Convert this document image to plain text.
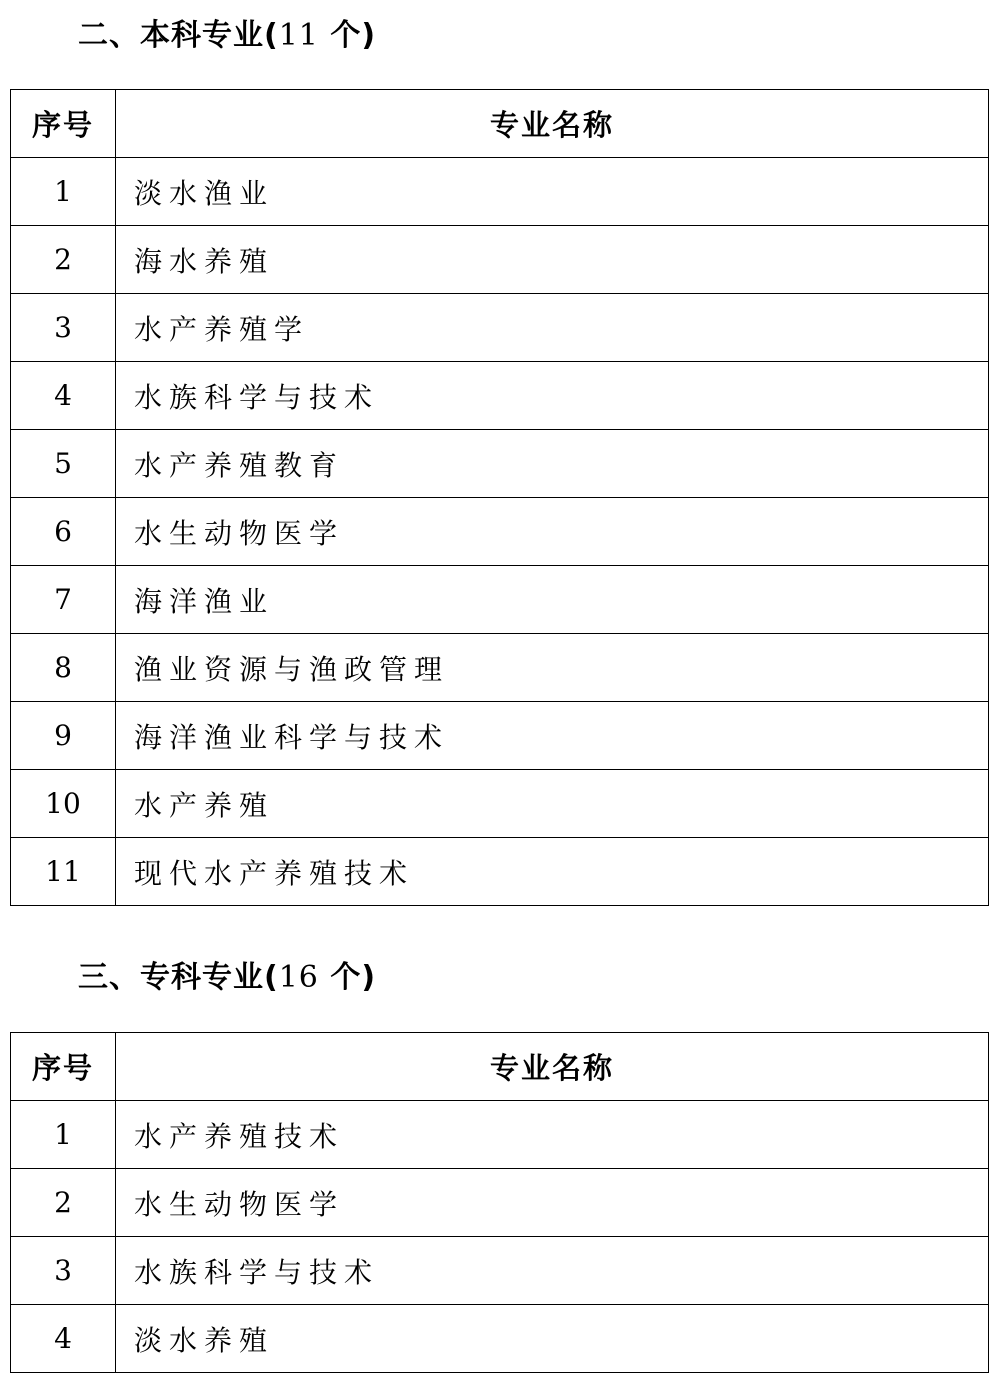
二、本科专业(11 个)
序号	专业名称
1	淡水渔业
2	海水养殖
3	水产养殖学
4	水族科学与技术
5	水产养殖教育
6	水生动物医学
7	海洋渔业
8	渔业资源与渔政管理
9	海洋渔业科学与技术
10	水产养殖
11	现代水产养殖技术
三、专科专业(16 个)
序号	专业名称
1	水产养殖技术
2	水生动物医学
3	水族科学与技术
4	淡水养殖
